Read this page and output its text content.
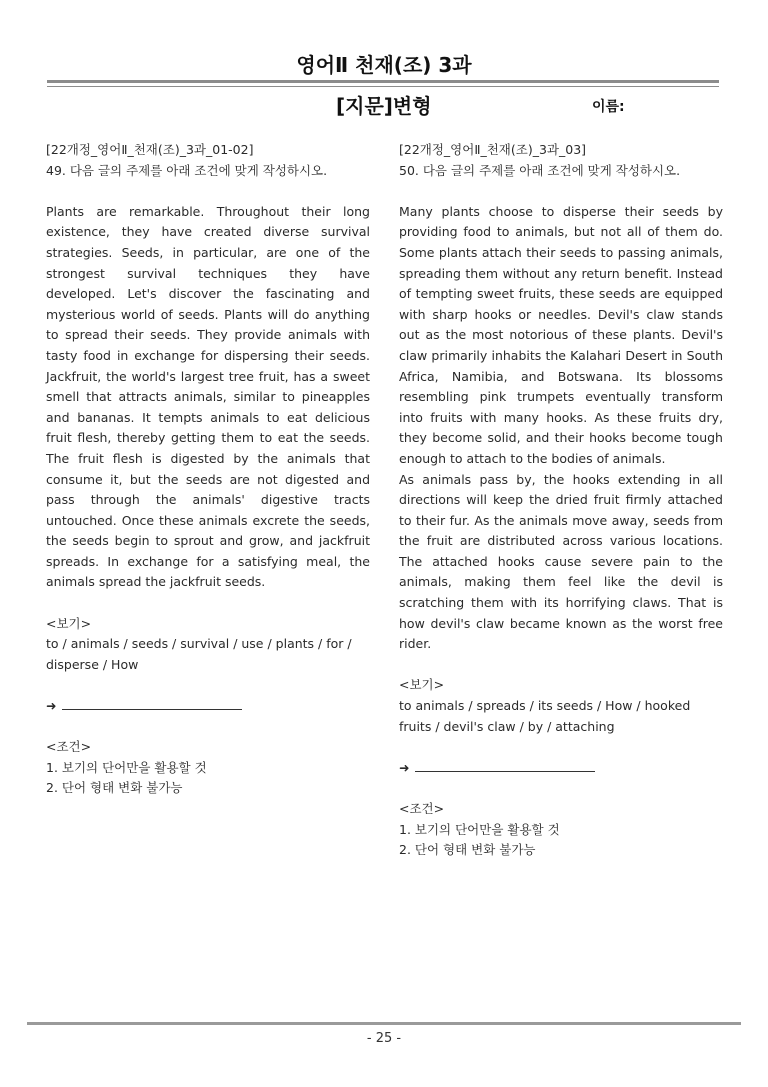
영어Ⅱ 천재(조) 3과
[지문]변형	이름:

[22개정_영어Ⅱ_천재(조)_3과_01-02]

49. 다음 글의 주제를 아래 조건에 맞게 작성하시오.

Plants are remarkable. Throughout their long existence, they have created diverse survival strategies. Seeds, in particular, are one of the strongest survival techniques they have developed. Let's discover the fascinating and mysterious world of seeds. Plants will do anything to spread their seeds. They provide animals with tasty food in exchange for dispersing their seeds. Jackfruit, the world's largest tree fruit, has a sweet smell that attracts animals, similar to pineapples and bananas. It tempts animals to eat delicious fruit flesh, thereby getting them to eat the seeds. The fruit flesh is digested by the animals that consume it, but the seeds are not digested and pass through the animals' digestive tracts untouched. Once these animals excrete the seeds, the seeds begin to sprout and grow, and jackfruit spreads. In exchange for a satisfying meal, the animals spread the jackfruit seeds.

<보기>

to / animals / seeds / survival / use / plants / for / disperse / How

➜

<조건>

1. 보기의 단어만을 활용할 것

2. 단어 형태 변화 불가능

[22개정_영어Ⅱ_천재(조)_3과_03]

50. 다음 글의 주제를 아래 조건에 맞게 작성하시오.

Many plants choose to disperse their seeds by providing food to animals, but not all of them do. Some plants attach their seeds to passing animals, spreading them without any return benefit. Instead of tempting sweet fruits, these seeds are equipped with sharp hooks or needles. Devil's claw stands out as the most notorious of these plants. Devil's claw primarily inhabits the Kalahari Desert in South Africa, Namibia, and Botswana. Its blossoms resembling pink trumpets eventually transform into fruits with many hooks. As these fruits dry, they become solid, and their hooks become tough enough to attach to the bodies of animals.

As animals pass by, the hooks extending in all directions will keep the dried fruit firmly attached to their fur. As the animals move away, seeds from the fruit are distributed across various locations. The attached hooks cause severe pain to the animals, making them feel like the devil is scratching them with its horrifying claws. That is how devil's claw became known as the worst free rider.

<보기>

to animals / spreads / its seeds / How / hooked fruits / devil's claw / by / attaching

➜

<조건>

1. 보기의 단어만을 활용할 것

2. 단어 형태 변화 불가능

- 25 -
